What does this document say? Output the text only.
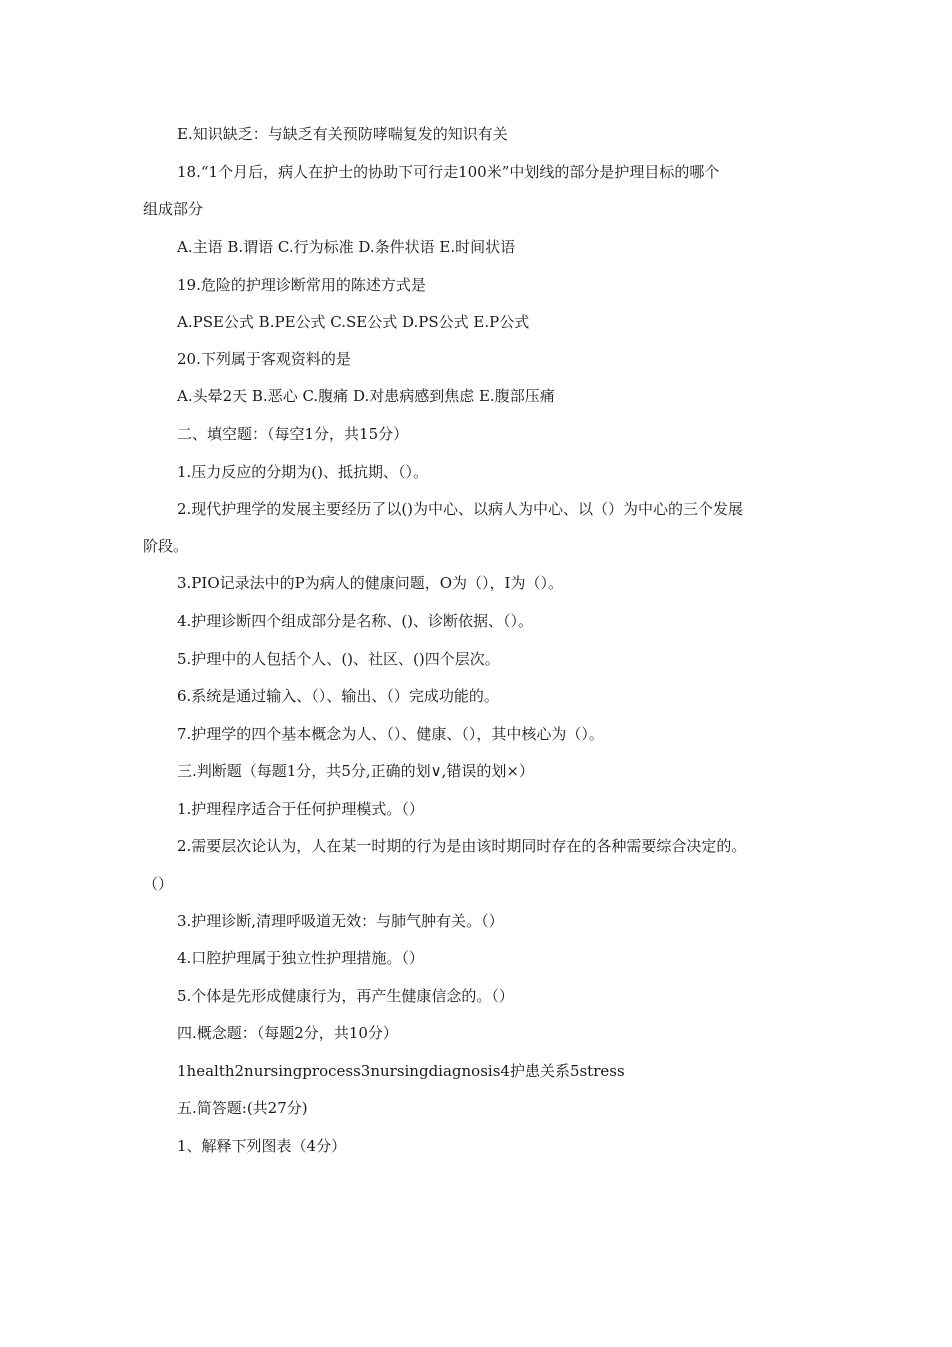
E.知识缺乏：与缺乏有关预防哮喘复发的知识有关
18.“1个月后，病人在护士的协助下可行走100米”中划线的部分是护理目标的哪个
组成部分
A.主语 B.谓语 C.行为标准 D.条件状语 E.时间状语
19.危险的护理诊断常用的陈述方式是
A.PSE公式 B.PE公式 C.SE公式 D.PS公式 E.P公式
20.下列属于客观资料的是
A.头晕2天 B.恶心 C.腹痛 D.对患病感到焦虑 E.腹部压痛
二、填空题：（每空1分，共15分）
1.压力反应的分期为()、抵抗期、（）。
2.现代护理学的发展主要经历了以()为中心、以病人为中心、以（）为中心的三个发展
阶段。
3.PIO记录法中的P为病人的健康问题，O为（），I为（）。
4.护理诊断四个组成部分是名称、()、诊断依据、（）。
5.护理中的人包括个人、()、社区、()四个层次。
6.系统是通过输入、（）、输出、（）完成功能的。
7.护理学的四个基本概念为人、（）、健康、（），其中核心为（）。
三.判断题（每题1分，共5分,正确的划∨,错误的划×）
1.护理程序适合于任何护理模式。（）
2.需要层次论认为，人在某一时期的行为是由该时期同时存在的各种需要综合决定的。
（）
3.护理诊断,清理呼吸道无效：与肺气肿有关。（）
4.口腔护理属于独立性护理措施。（）
5.个体是先形成健康行为，再产生健康信念的。（）
四.概念题：（每题2分，共10分）
1health2nursingprocess3nursingdiagnosis4护患关系5stress
五.简答题:(共27分)
1、解释下列图表（4分）
